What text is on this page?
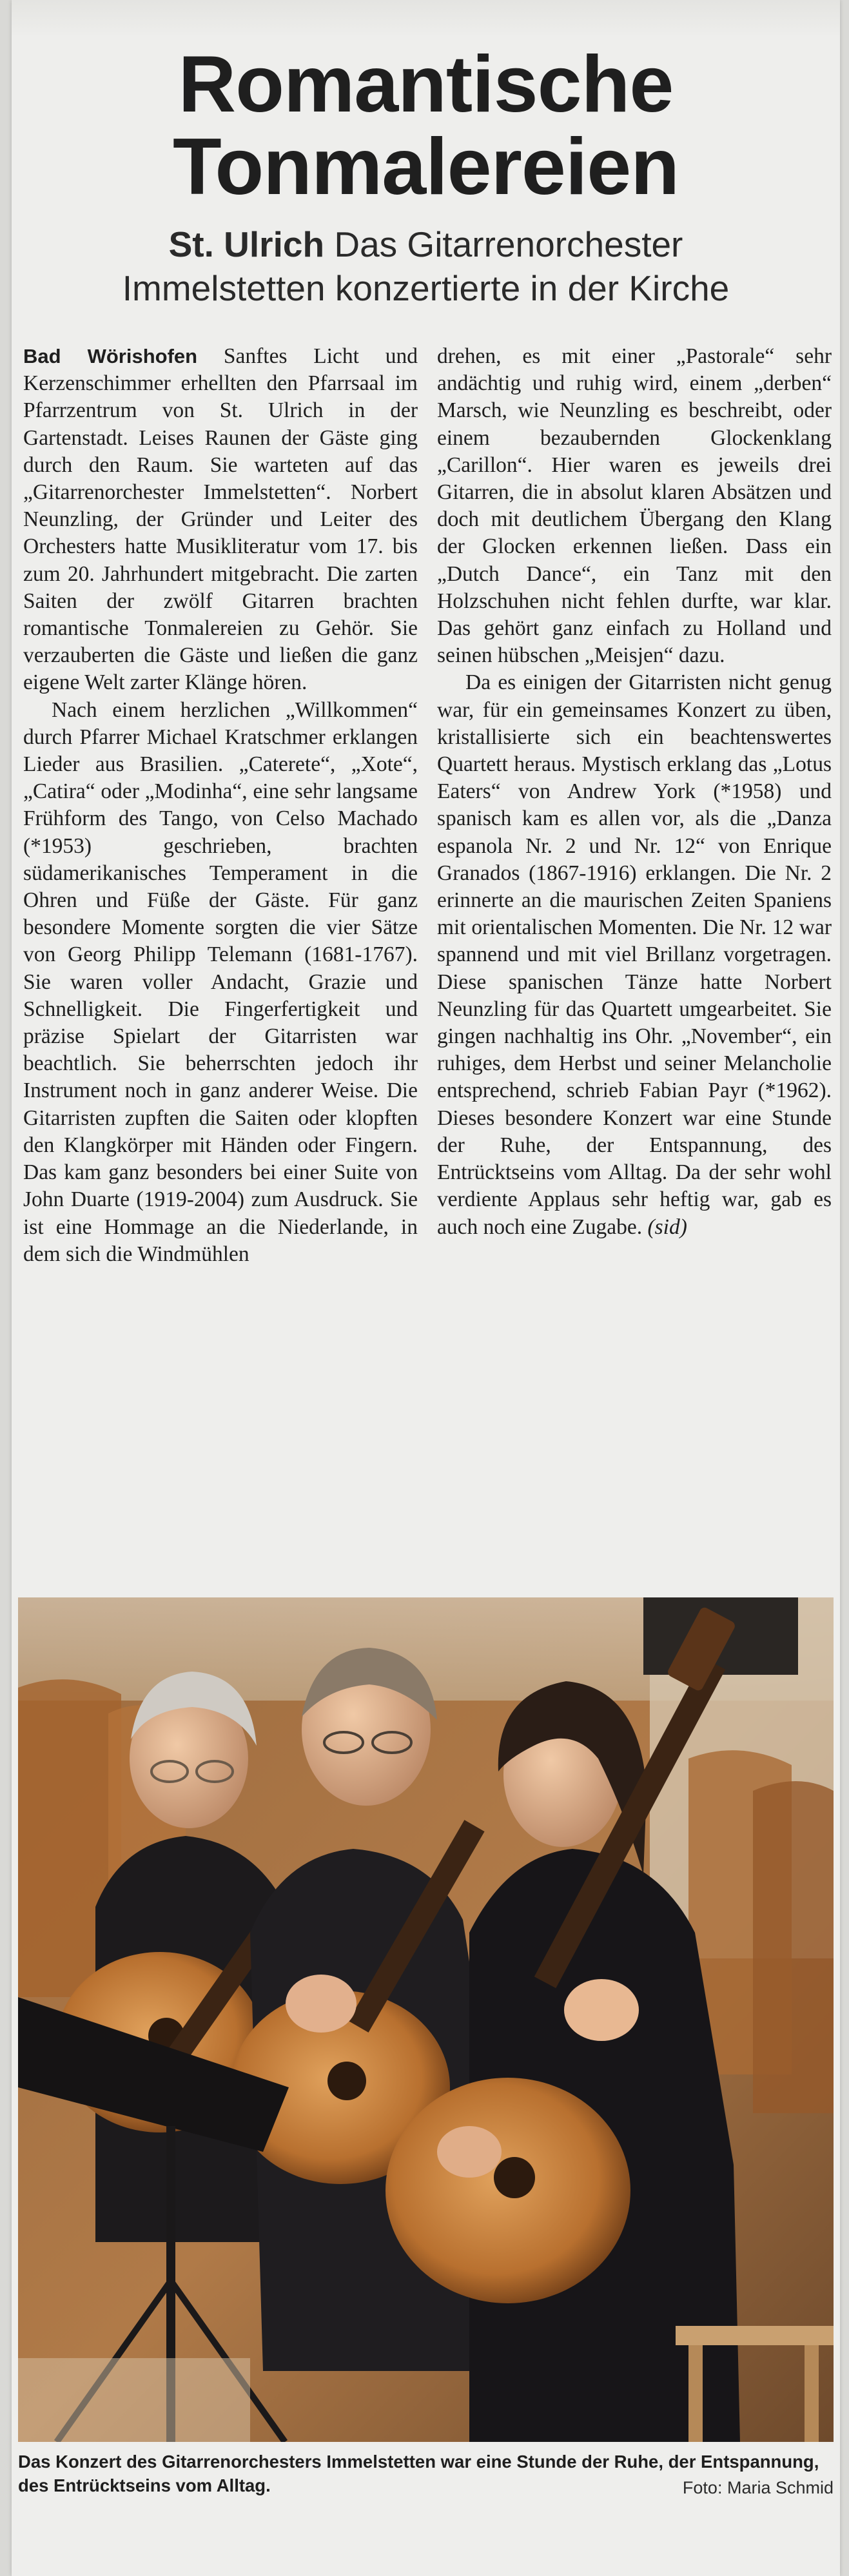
Romantische
Tonmalereien
St. Ulrich Das Gitarrenorchester
Immelstetten konzertierte in der Kirche

Bad Wörishofen Sanftes Licht und Kerzenschimmer erhellten den Pfarrsaal im Pfarrzentrum von St. Ulrich in der Gartenstadt. Leises Raunen der Gäste ging durch den Raum. Sie warteten auf das „Gitarrenorchester Immelstetten“. Norbert Neunzling, der Gründer und Leiter des Orchesters hatte Musikliteratur vom 17. bis zum 20. Jahrhundert mitgebracht. Die zarten Saiten der zwölf Gitarren brachten romantische Tonmalereien zu Gehör. Sie verzauberten die Gäste und ließen die ganz eigene Welt zarter Klänge hören.

Nach einem herzlichen „Willkommen“ durch Pfarrer Michael Kratschmer erklangen Lieder aus Brasilien. „Caterete“, „Xote“, „Catira“ oder „Modinha“, eine sehr langsame Frühform des Tango, von Celso Machado (*1953) geschrieben, brachten südamerikanisches Temperament in die Ohren und Füße der Gäste. Für ganz besondere Momente sorgten die vier Sätze von Georg Philipp Telemann (1681-1767). Sie waren voller Andacht, Grazie und Schnelligkeit. Die Fingerfertigkeit und präzise Spielart der Gitarristen war beachtlich. Sie beherrschten jedoch ihr Instrument noch in ganz anderer Weise. Die Gitarristen zupften die Saiten oder klopften den Klangkörper mit Händen oder Fingern. Das kam ganz besonders bei einer Suite von John Duarte (1919-2004) zum Ausdruck. Sie ist eine Hommage an die Niederlande, in dem sich die Windmühlen

drehen, es mit einer „Pastorale“ sehr andächtig und ruhig wird, einem „derben“ Marsch, wie Neunzling es beschreibt, oder einem bezaubernden Glockenklang „Carillon“. Hier waren es jeweils drei Gitarren, die in absolut klaren Absätzen und doch mit deutlichem Übergang den Klang der Glocken erkennen ließen. Dass ein „Dutch Dance“, ein Tanz mit den Holzschuhen nicht fehlen durfte, war klar. Das gehört ganz einfach zu Holland und seinen hübschen „Meisjen“ dazu.

Da es einigen der Gitarristen nicht genug war, für ein gemeinsames Konzert zu üben, kristallisierte sich ein beachtenswertes Quartett heraus. Mystisch erklang das „Lotus Eaters“ von Andrew York (*1958) und spanisch kam es allen vor, als die „Danza espanola Nr. 2 und Nr. 12“ von Enrique Granados (1867-1916) erklangen. Die Nr. 2 erinnerte an die maurischen Zeiten Spaniens mit orientalischen Momenten. Die Nr. 12 war spannend und mit viel Brillanz vorgetragen. Diese spanischen Tänze hatte Norbert Neunzling für das Quartett umgearbeitet. Sie gingen nachhaltig ins Ohr. „November“, ein ruhiges, dem Herbst und seiner Melancholie entsprechend, schrieb Fabian Payr (*1962). Dieses besondere Konzert war eine Stunde der Ruhe, der Entspannung, des Entrücktseins vom Alltag. Da der sehr wohl verdiente Applaus sehr heftig war, gab es auch noch eine Zugabe. (sid)

Das Konzert des Gitarrenorchesters Immelstetten war eine Stunde der Ruhe, der Entspannung, des Entrücktseins vom Alltag.	Foto: Maria Schmid
